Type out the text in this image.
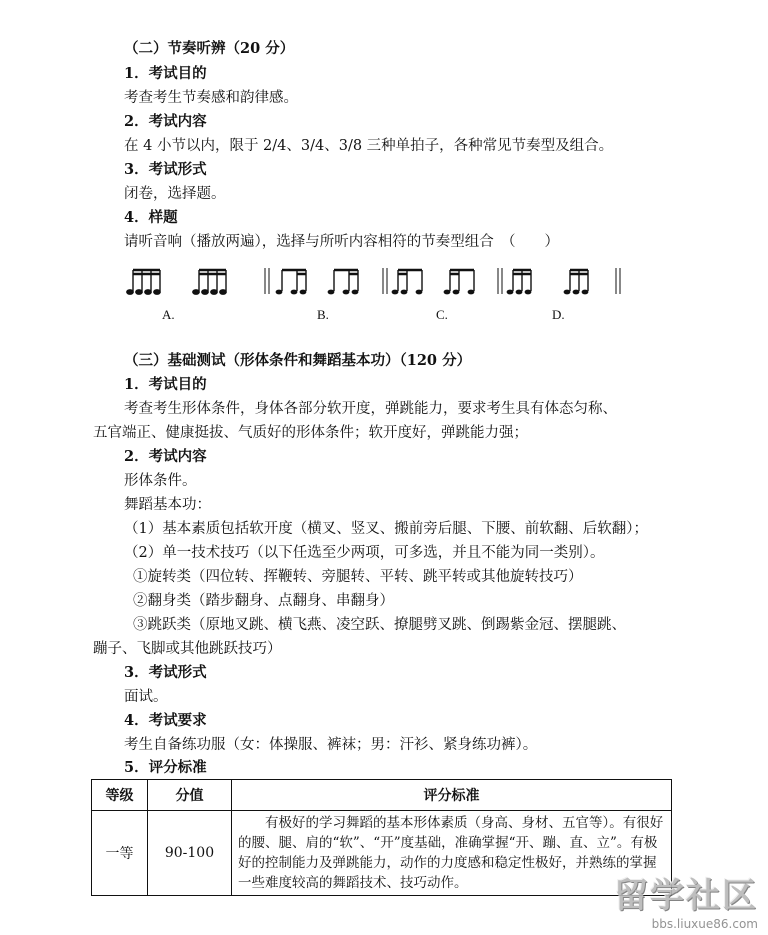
（二）节奏听辨（20 分）
1．考试目的
考查考生节奏感和韵律感。
2．考试内容
在 4 小节以内，限于 2/4、3/4、3/8 三种单拍子，各种常见节奏型及组合。
3．考试形式
闭卷，选择题。
4．样题
请听音响（播放两遍），选择与所听内容相符的节奏型组合　（　　）
A.	B.	C.	D.
（三）基础测试（形体条件和舞蹈基本功）（120 分）
1．考试目的
考查考生形体条件，身体各部分软开度，弹跳能力，要求考生具有体态匀称、
五官端正、健康挺拔、气质好的形体条件；软开度好，弹跳能力强；
2．考试内容
形体条件。
舞蹈基本功：
（1）基本素质包括软开度（横叉、竖叉、搬前旁后腿、下腰、前软翻、后软翻）；
（2）单一技术技巧（以下任选至少两项，可多选，并且不能为同一类别）。
①旋转类（四位转、挥鞭转、旁腿转、平转、跳平转或其他旋转技巧）
②翻身类（踏步翻身、点翻身、串翻身）
③跳跃类（原地叉跳、横飞燕、凌空跃、撩腿劈叉跳、倒踢紫金冠、摆腿跳、
蹦子、飞脚或其他跳跃技巧）
3．考试形式
面试。
4．考试要求
考生自备练功服（女：体操服、裤袜；男：汗衫、紧身练功裤）。
5．评分标准
等级	分值	评分标准
一等	90-100	　　有极好的学习舞蹈的基本形体素质（身高、身材、五官等）。有很好的腰、腿、肩的“软”、“开”度基础，准确掌握“开、蹦、直、立”。有极好的控制能力及弹跳能力，动作的力度感和稳定性极好，并熟练的掌握一些难度较高的舞蹈技术、技巧动作。	留学社区
bbs.liuxue86.com
